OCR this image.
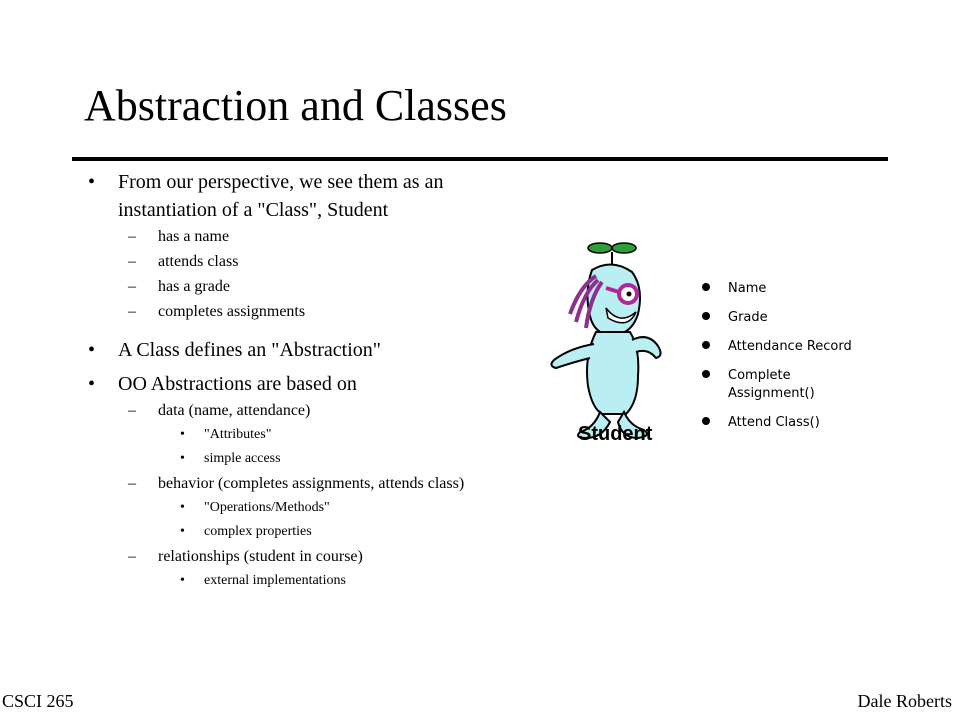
Abstraction and Classes
• From our perspective, we see them as an
instantiation of a "Class", Student
– has a name
– attends class
– has a grade
– completes assignments
• A Class defines an "Abstraction"
• OO Abstractions are based on
– data (name, attendance)
• "Attributes"
• simple access
– behavior (completes assignments, attends class)
• "Operations/Methods"
• complex properties
– relationships (student in course)
• external implementations
Student
Name
Grade
Attendance Record
Complete
Assignment()
Attend Class()
CSCI 265	Dale Roberts
